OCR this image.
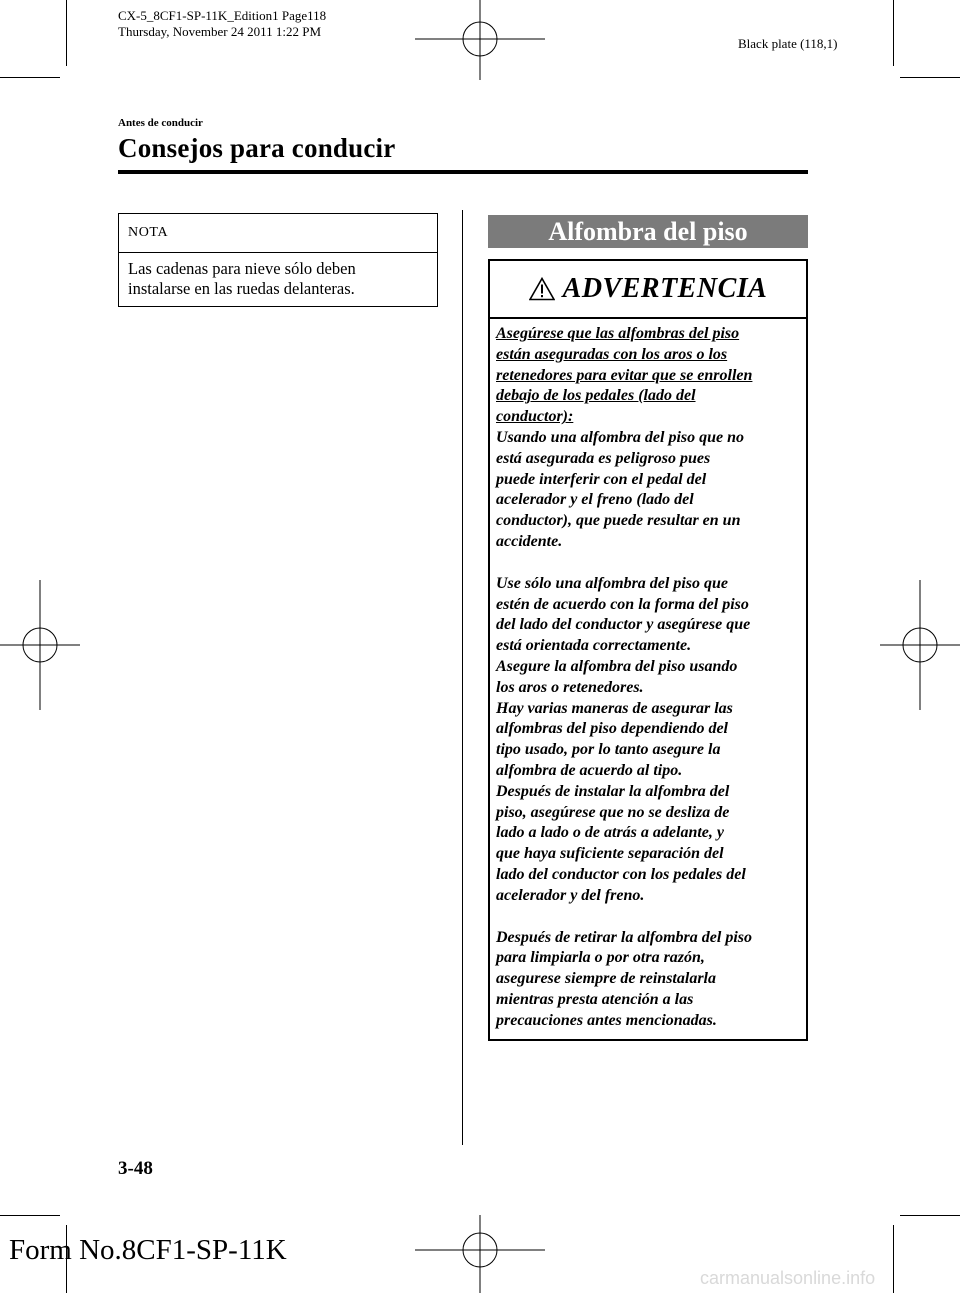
CX-5_8CF1-SP-11K_Edition1 Page118
Thursday, November 24 2011 1:22 PM
Black plate (118,1)
Antes de conducir
Consejos para conducir
NOTA
Las cadenas para nieve sólo deben
instalarse en las ruedas delanteras.
Alfombra del piso
ADVERTENCIA
Asegúrese que las alfombras del piso
están aseguradas con los aros o los
retenedores para evitar que se enrollen
debajo de los pedales (lado del
conductor):
Usando una alfombra del piso que no
está asegurada es peligroso pues
puede interferir con el pedal del
acelerador y el freno (lado del
conductor), que puede resultar en un
accidente.
Use sólo una alfombra del piso que
estén de acuerdo con la forma del piso
del lado del conductor y asegúrese que
está orientada correctamente.
Asegure la alfombra del piso usando
los aros o retenedores.
Hay varias maneras de asegurar las
alfombras del piso dependiendo del
tipo usado, por lo tanto asegure la
alfombra de acuerdo al tipo.
Después de instalar la alfombra del
piso, asegúrese que no se desliza de
lado a lado o de atrás a adelante, y
que haya suficiente separación del
lado del conductor con los pedales del
acelerador y del freno.
Después de retirar la alfombra del piso
para limpiarla o por otra razón,
asegurese siempre de reinstalarla
mientras presta atención a las
precauciones antes mencionadas.
3-48
Form No.8CF1-SP-11K
carmanualsonline.info
